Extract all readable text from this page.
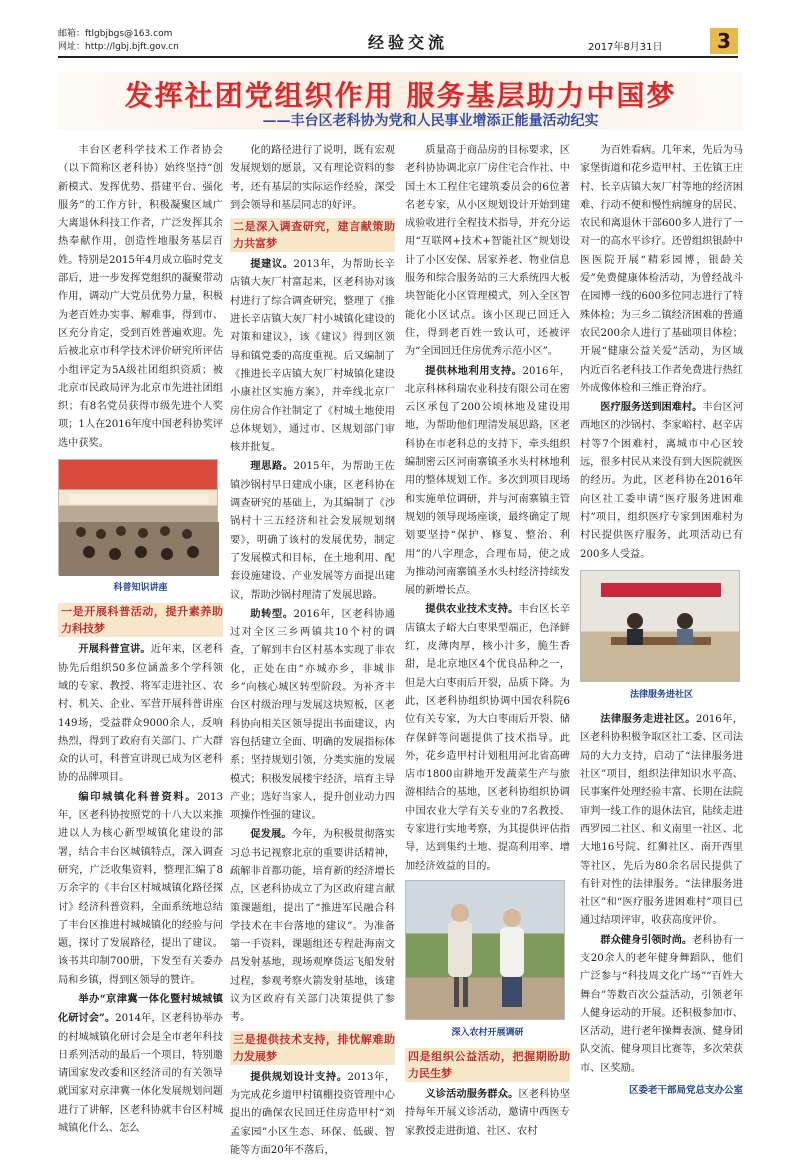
邮箱：ftlgbjbgs@163.com
网址：http://lgbj.bjft.gov.cn	经验交流	2017年8月31日	3
发挥社团党组织作用 服务基层助力中国梦
——丰台区老科协为党和人民事业增添正能量活动纪实

丰台区老科学技术工作者协会（以下简称区老科协）始终坚持“创新模式、发挥优势、搭建平台、强化服务”的工作方针，积极凝聚区域广大离退休科技工作者，广泛发挥其余热奉献作用，创造性地服务基层百姓。特别是2015年4月成立临时党支部后，进一步发挥党组织的凝聚带动作用，调动广大党员优势力量，积极为老百姓办实事、解难事，得到市、区充分肯定，受到百姓普遍欢迎。先后被北京市科学技术评价研究所评估小组评定为5A级社团组织资质；被北京市民政局评为北京市先进社团组织；有8名党员获得市级先进个人奖项；1人在2016年度中国老科协奖评选中获奖。

科普知识讲座
一是开展科普活动，提升素养助力科技梦

开展科普宣讲。近年来，区老科协先后组织50多位涵盖多个学科领域的专家、教授、将军走进社区、农村、机关、企业、军营开展科普讲座149场，受益群众9000余人，反响热烈，得到了政府有关部门、广大群众的认可，科普宣讲现已成为区老科协的品牌项目。

编印城镇化科普资料。2013年，区老科协按照党的十八大以来推进以人为核心新型城镇化建设的部署，结合丰台区城镇特点，深入调查研究，广泛收集资料，整理汇编了8万余字的《丰台区村城城镇化路径探讨》经济科普资料，全面系统地总结了丰台区推进村城城镇化的经验与问题，探讨了发展路径，提出了建议。该书共印制700册，下发至有关委办局和乡镇，得到区领导的赞许。

举办“京津冀一体化暨村城城镇化研讨会”。2014年，区老科协举办的村城城镇化研讨会是全市老年科技日系列活动的最后一个项目，特别邀请国家发改委和区经济司的有关领导就国家对京津冀一体化发展规划问题进行了讲解，区老科协就丰台区村城城镇化什么、怎么

化的路径进行了说明，既有宏观发展规划的愿景，又有理论资料的参考，还有基层的实际运作经验，深受到会领导和基层同志的好评。

二是深入调查研究，建言献策助力共富梦

提建议。2013年，为帮助长辛店镇大灰厂村富起来，区老科协对该村进行了综合调查研究，整理了《推进长辛店镇大灰厂村小城镇化建设的对策和建议》，该《建议》得到区领导和镇党委的高度重视。后又编制了《推进长辛店镇大灰厂村城镇化建设小康社区实施方案》，并牵线北京厂房住房合作社制定了《村城土地使用总体规划》，通过市、区规划部门审核并批复。

理思路。2015年，为帮助王佐镇沙锅村早日建成小康，区老科协在调查研究的基础上，为其编制了《沙锅村十三五经济和社会发展规划纲要》，明确了该村的发展优势，制定了发展模式和目标，在土地利用、配套设施建设、产业发展等方面提出建议，帮助沙锅村理清了发展思路。

助转型。2016年，区老科协通过对全区三乡两镇共10个村的调查，了解到丰台区村基本实现了非农化，正处在由“亦城亦乡，非城非乡”向核心城区转型阶段。为补齐丰台区村级治理与发展这块短板，区老科协向相关区领导提出书面建议，内容包括建立全面、明确的发展指标体系；坚持规划引领，分类实施的发展模式；积极发展楼宇经济，培育主导产业；选好当家人，提升创业动力四项操作性强的建议。

促发展。今年，为积极贯彻落实习总书记视察北京的重要讲话精神，疏解非首都功能，培育新的经济增长点，区老科协成立了为区政府建言献策课题组，提出了“推进军民融合科学技术在丰台落地的建议”。为准备第一手资料，课题组还专程赴海南文昌发射基地，现场观摩货运飞船发射过程，参观考察火箭发射基地，该建议为区政府有关部门决策提供了参考。

三是提供技术支持，排忧解难助力发展梦

提供规划设计支持。2013年，为完成花乡道甲村镇棚投资管理中心提出的确保农民回迁住房造甲村“刘孟家园”小区生态、环保、低碳、智能等方面20年不落后，

质量高于商品房的目标要求，区老科协协调北京厂房住宅合作社、中国土木工程住宅建筑委员会的6位著名老专家，从小区规划设计开始到建成验收进行全程技术指导，并充分运用“互联网+技术+智能社区”规划设计了小区安保、居家养老、物业信息服务和综合服务站的三大系统四大板块智能化小区管理模式，列入全区智能化小区试点。该小区现已回迁入住，得到老百姓一致认可，还被评为“全国回迁住房优秀示范小区”。

提供林地利用支持。2016年，北京科林科瑞农业科技有限公司在密云区承包了200公顷林地及建设用地，为帮助他们理清发展思路，区老科协在市老科总的支持下，牵头组织编制密云区河南寨镇圣水头村林地利用的整体规划工作。多次到项目现场和实施单位调研，并与河南寨镇主管规划的领导现场座谈，最终确定了规划要坚持“保护、修复、整治、利用”的八字理念，合理布局，使之成为推动河南寨镇圣水头村经济持续发展的新增长点。

提供农业技术支持。丰台区长辛店镇太子峪大白枣果型端正，色泽鲜红，皮薄肉厚，核小汁多，脆生香甜，是北京地区4个优良品种之一，但是大白枣雨后开裂，品质下降。为此，区老科协组织协调中国农科院6位有关专家，为大白枣雨后开裂、储存保鲜等问题提供了技术指导。此外，花乡造甲村计划租用河北省高碑店市1800亩耕地开发蔬菜生产与旅游相结合的基地，区老科协组织协调中国农业大学有关专业的7名教授、专家进行实地考察，为其提供评估指导，达到集约土地、提高利用率、增加经济效益的目的。

深入农村开展调研
四是组织公益活动，把握期盼助力民生梦

义诊活动服务群众。区老科协坚持每年开展义诊活动，邀请中西医专家教授走进街道、社区、农村

为百姓看病。几年来，先后为马家堡街道和花乡造甲村、王佐镇王庄村、长辛店镇大灰厂村等地的经济困难、行动不便和慢性病缠身的居民、农民和离退休干部600多人进行了一对一的高水平诊疗。还曾组织银龄中医医院开展“精彩园博，银龄关爱”免费健康体检活动，为曾经战斗在园博一线的600多位同志进行了特殊体检；为三乡二镇经济困难的普通农民200余人进行了基础项目体检；开展“健康公益关爱”活动，为区域内近百名老科技工作者免费进行热红外成像体检和三维正脊治疗。

医疗服务送到困难村。丰台区河西地区的沙锅村、李家峪村、赵辛店村等7个困难村，离城市中心区较远，很多村民从来没有到大医院就医的经历。为此，区老科协在2016年向区社工委申请“医疗服务进困难村”项目，组织医疗专家到困难村为村民提供医疗服务，此项活动已有200多人受益。

法律服务进社区

法律服务走进社区。2016年，区老科协积极争取区社工委、区司法局的大力支持，启动了“法律服务进社区”项目，组织法律知识水平高、民事案件处理经验丰富、长期在法院审判一线工作的退休法官，陆续走进西罗园二社区、和义南里一社区、北大地16号院、红狮社区、南开西里等社区，先后为80余名居民提供了有针对性的法律服务。“法律服务进社区”和“医疗服务进困难村”项目已通过结项评审，收获高度评价。

群众健身引领时尚。老科协有一支20余人的老年健身舞蹈队，他们广泛参与“科技周文化广场”“百姓大舞台”等数百次公益活动，引领老年人健身运动的开展。还积极参加市、区活动，进行老年操舞表演、健身团队交流、健身项目比赛等，多次荣获市、区奖励。

区委老干部局党总支办公室
